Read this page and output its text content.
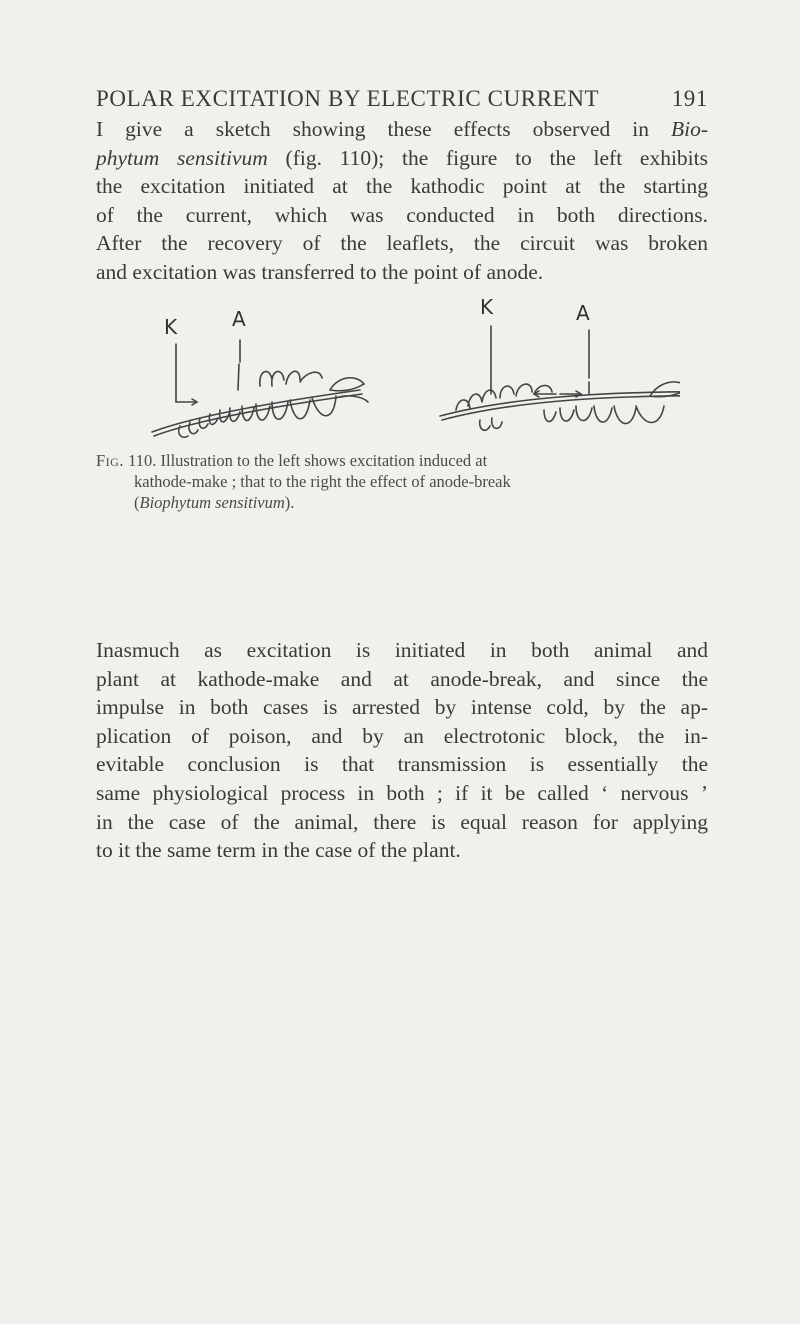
POLAR EXCITATION BY ELECTRIC CURRENT	191

I give a sketch showing these effects observed in Bio-
phytum sensitivum (fig. 110); the figure to the left exhibits
the excitation initiated at the kathodic point at the starting
of the current, which was conducted in both directions.
After the recovery of the leaflets, the circuit was broken
and excitation was transferred to the point of anode.

K	A	K	A
Fig. 110. Illustration to the left shows excitation induced at
kathode-make ; that to the right the effect of anode-break
(Biophytum sensitivum).

Inasmuch as excitation is initiated in both animal and
plant at kathode-make and at anode-break, and since the
impulse in both cases is arrested by intense cold, by the ap-
plication of poison, and by an electrotonic block, the in-
evitable conclusion is that transmission is essentially the
same physiological process in both ; if it be called ‘ nervous ’
in the case of the animal, there is equal reason for applying
to it the same term in the case of the plant.
